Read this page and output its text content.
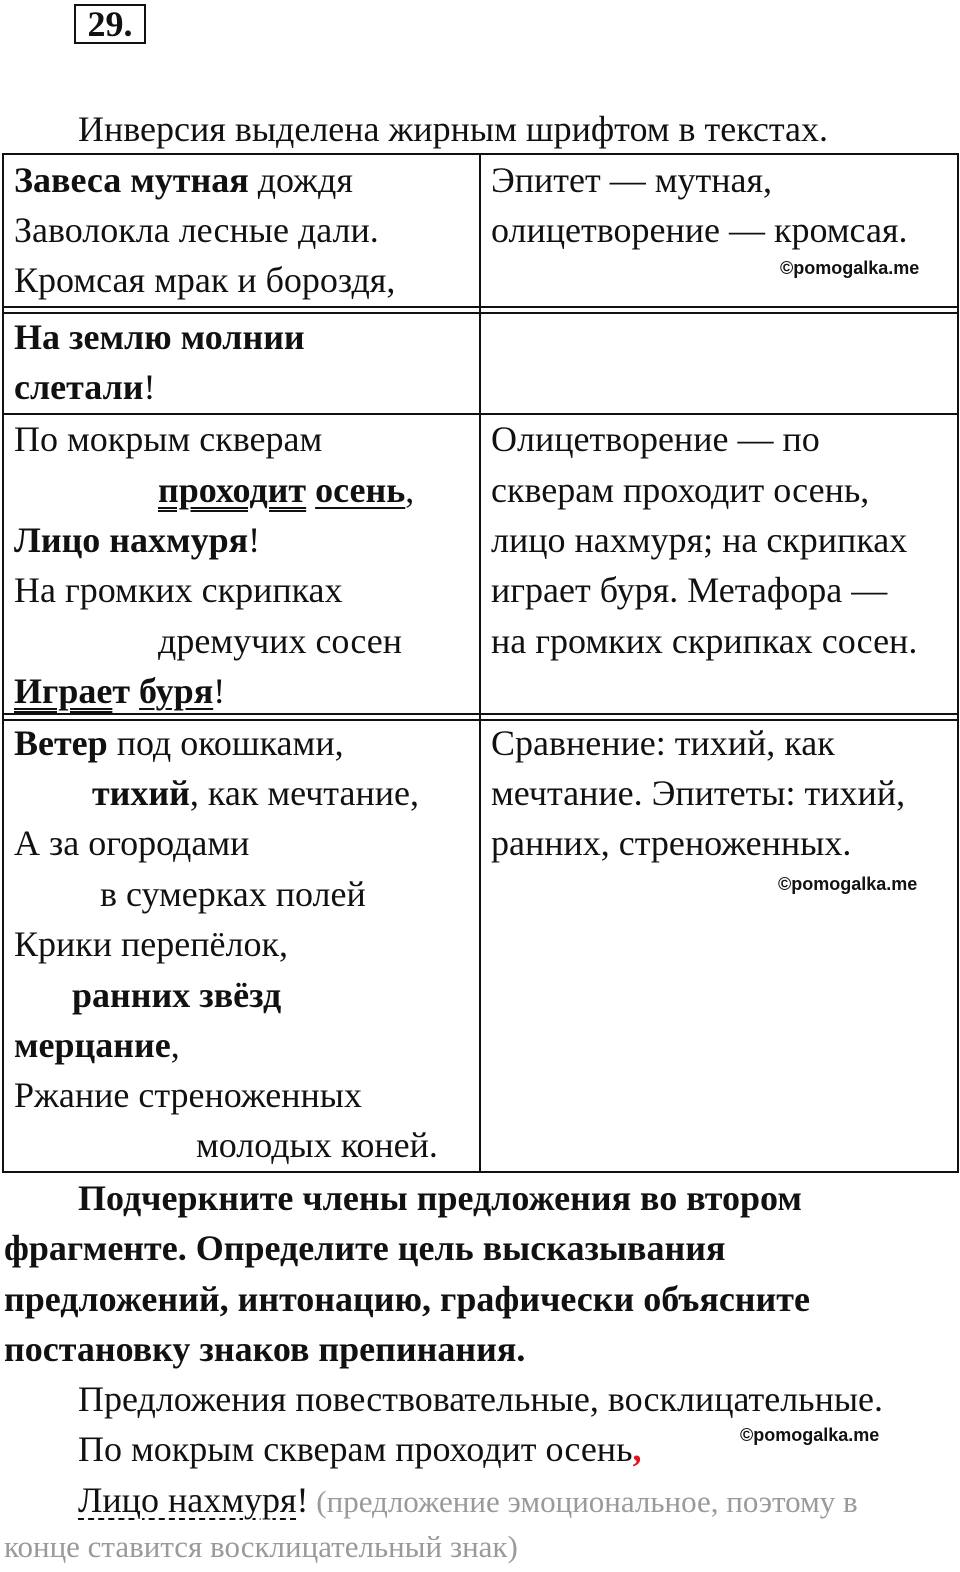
29.
Инверсия выделена жирным шрифтом в текстах.
Завеса мутная дождя
Заволокла лесные дали.
Кромсая мрак и бороздя,
Эпитет — мутная,
олицетворение — кромсая.
©pomogalka.me
На землю молнии
слетали!
По мокрым скверам
проходит осень,
Лицо нахмуря!
На громких скрипках
дремучих сосен
Играет буря!
Олицетворение — по
скверам проходит осень,
лицо нахмуря; на скрипках
играет буря. Метафора —
на громких скрипках сосен.
Ветер под окошками,
тихий, как мечтание,
А за огородами
в сумерках полей
Крики перепёлок,
ранних звёзд
мерцание,
Ржание стреноженных
молодых коней.
Сравнение: тихий, как
мечтание. Эпитеты: тихий,
ранних, стреноженных.
©pomogalka.me
Подчеркните члены предложения во втором
фрагменте. Определите цель высказывания
предложений, интонацию, графически объясните
постановку знаков препинания.
Предложения повествовательные, восклицательные.
По мокрым скверам проходит осень,	©pomogalka.me
Лицо нахмуря! (предложение эмоциональное, поэтому в
конце ставится восклицательный знак)
